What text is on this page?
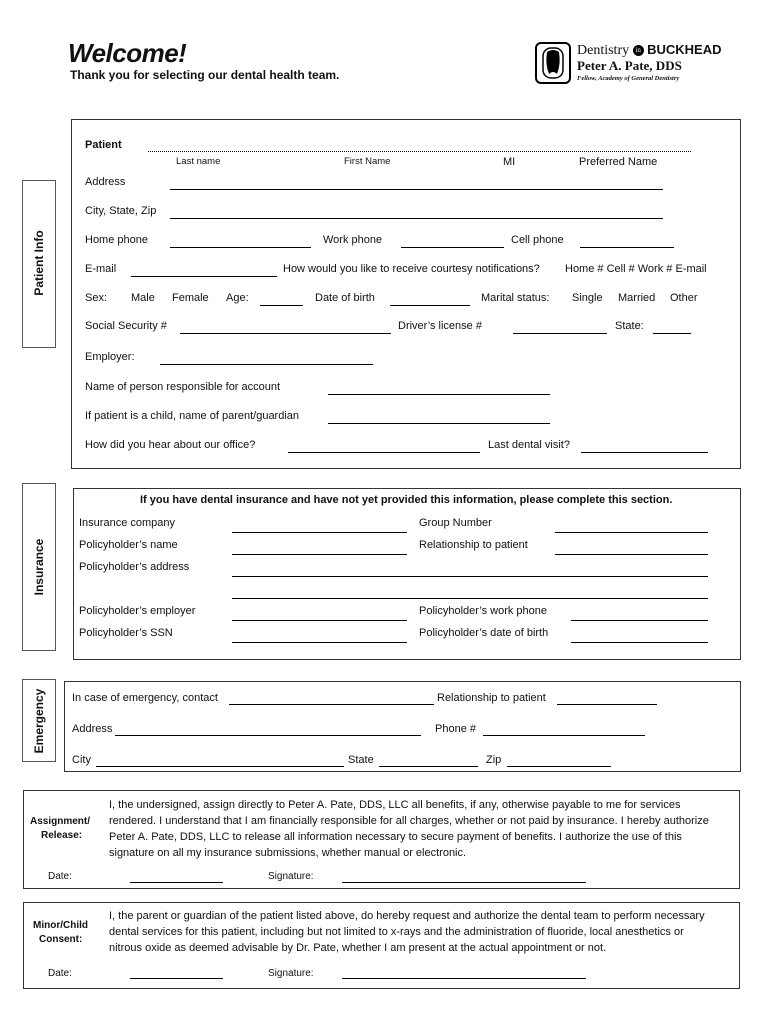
Welcome!
Thank you for selecting our dental health team.
Dentistry in BUCKHEAD
Peter A. Pate, DDS
Fellow, Academy of General Dentistry
Patient Info
Patient
Last name	First Name	MI	Preferred Name
Address
City, State, Zip
Home phone	Work phone	Cell phone
E-mail	How would you like to receive courtesy notifications? Home # Cell # Work # E-mail
Sex: Male Female Age:	Date of birth	Marital status: Single Married Other
Social Security #	Driver’s license #	State:
Employer:
Name of person responsible for account
If patient is a child, name of parent/guardian
How did you hear about our office?	Last dental visit?
Insurance
If you have dental insurance and have not yet provided this information, please complete this section.
Insurance company	Group Number
Policyholder’s name	Relationship to patient
Policyholder’s address
Policyholder’s employer	Policyholder’s work phone
Policyholder’s SSN	Policyholder’s date of birth
Emergency In case of emergency, contact	Relationship to patient
Address	Phone #
City	State	Zip
Assignment/
Release:
I, the undersigned, assign directly to Peter A. Pate, DDS, LLC all benefits, if any, otherwise payable to me for services rendered. I understand that I am financially responsible for all charges, whether or not paid by insurance. I hereby authorize Peter A. Pate, DDS, LLC to release all information necessary to secure payment of benefits. I authorize the use of this signature on all my insurance submissions, whether manual or electronic.
Date:	Signature:
Minor/Child
Consent:
I, the parent or guardian of the patient listed above, do hereby request and authorize the dental team to perform necessary dental services for this patient, including but not limited to x-rays and the administration of fluoride, local anesthetics or nitrous oxide as deemed advisable by Dr. Pate, whether I am present at the actual appointment or not.
Date:	Signature:
